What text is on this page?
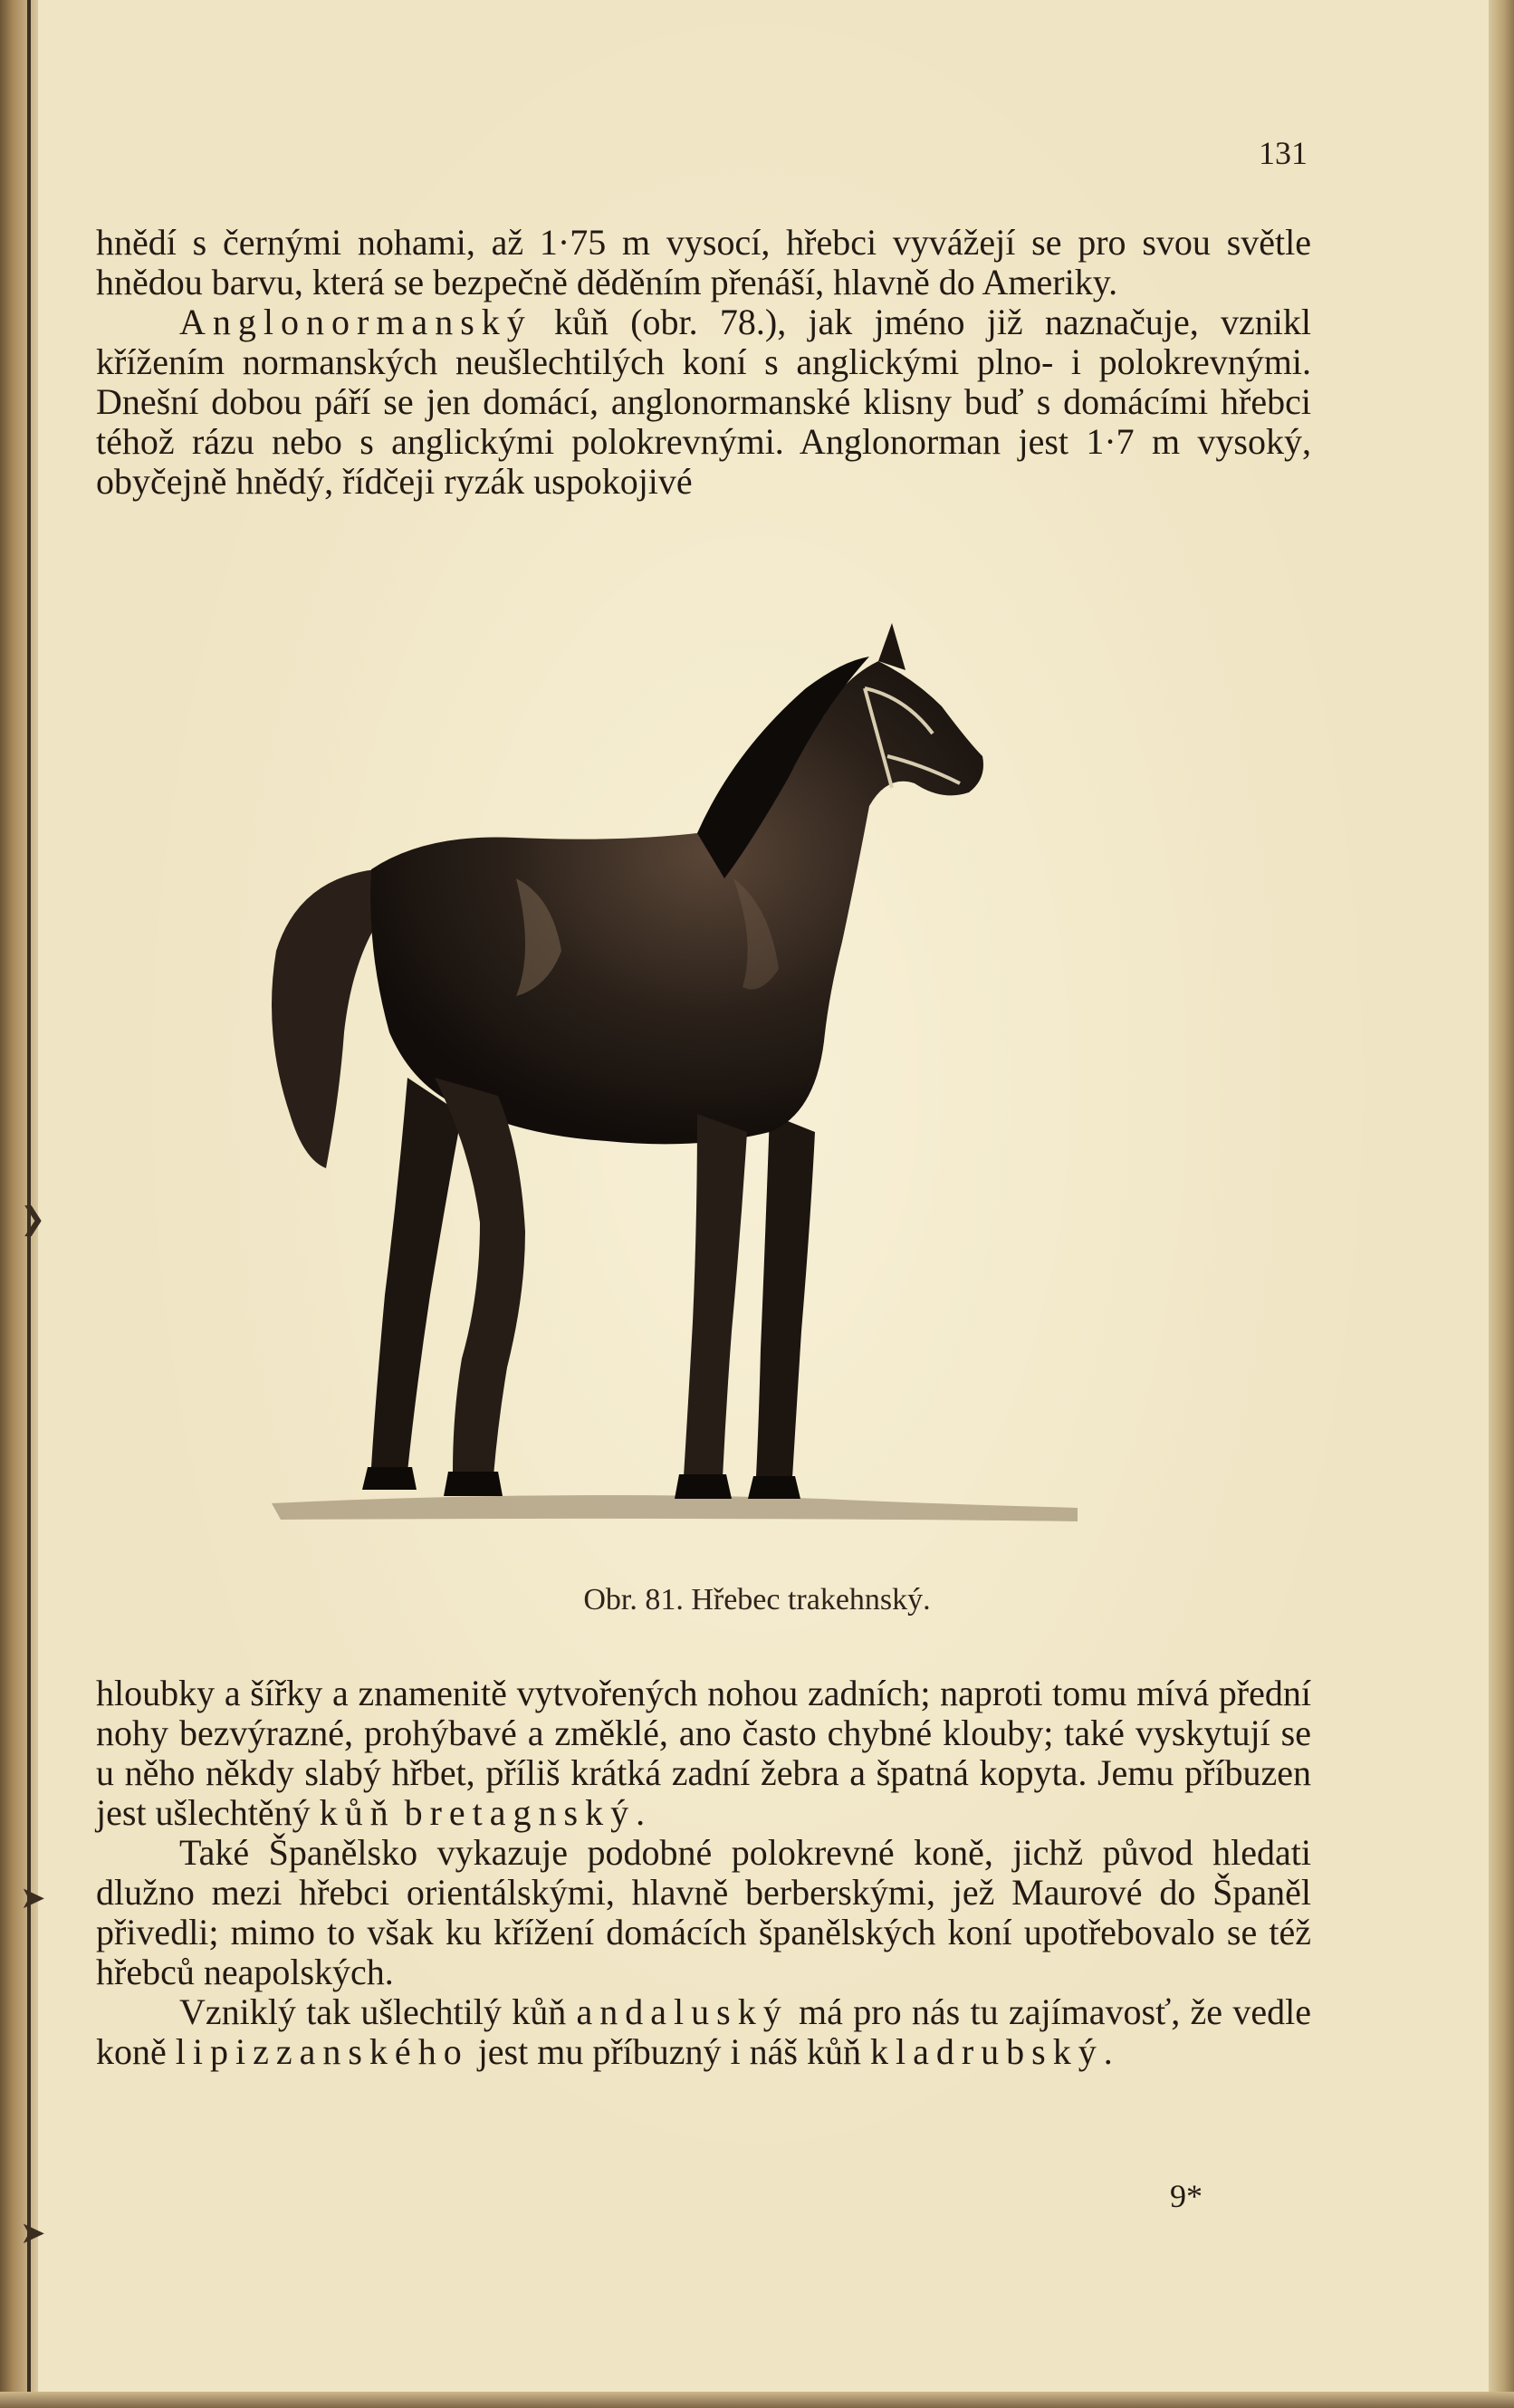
❯
➤
➤
131

hnědí s černými nohami, až 1·75 m vysocí, hřebci vyvážejí se pro svou světle hnědou barvu, která se bezpečně děděním přenáší, hlavně do Ameriky.

Anglonormanský kůň (obr. 78.), jak jméno již naznačuje, vznikl křížením normanských neušlechtilých koní s anglickými plno- i polokrevnými. Dnešní dobou páří se jen domácí, anglonormanské klisny buď s domácími hřebci téhož rázu nebo s anglickými polokrevnými. Anglonorman jest 1·7 m vysoký, obyčejně hnědý, řídčeji ryzák uspokojivé

Obr. 81. Hřebec trakehnský.

hloubky a šířky a znamenitě vytvořených nohou zadních; naproti tomu mívá přední nohy bezvýrazné, prohýbavé a změklé, ano často chybné klouby; také vyskytují se u něho někdy slabý hřbet, příliš krátká zadní žebra a špatná kopyta. Jemu příbuzen jest ušlechtěný kůň bretagnský.

Také Španělsko vykazuje podobné polokrevné koně, jichž původ hledati dlužno mezi hřebci orientálskými, hlavně berberskými, jež Maurové do Španěl přivedli; mimo to však ku křížení domácích španělských koní upotřebovalo se též hřebců neapolských.

Vzniklý tak ušlechtilý kůň andaluský má pro nás tu zajímavosť, že vedle koně lipizzanského jest mu příbuzný i náš kůň kladrubský.

9*
